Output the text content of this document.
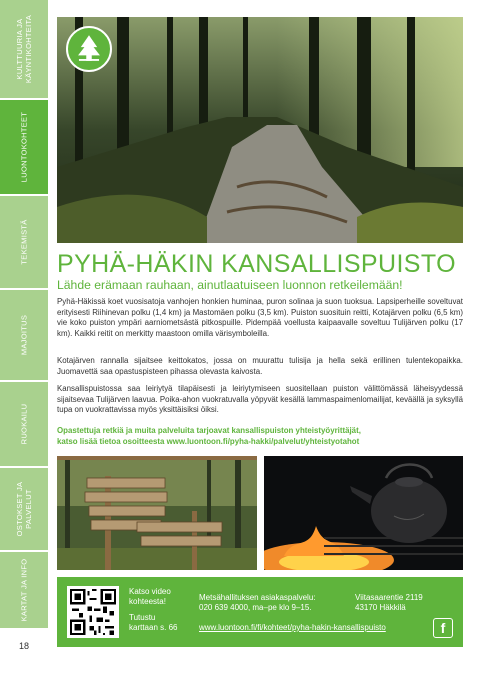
KULTTUURIA JA
KÄYNTIKOHTEITA
LUONTOKOHTEET
TEKEMISTÄ
MAJOITUS
RUOKAILU
OSTOKSET JA
PALVELUT
KARTAT JA INFO
18
PYHÄ-HÄKIN KANSALLISPUISTO
Lähde erämaan rauhaan, ainutlaatuiseen luonnon retkeilemään!
Pyhä-Häkissä koet vuosisatoja vanhojen honkien huminaa, puron solinaa ja suon tuoksua. Lapsiperheille soveltuvat erityisesti Riihinevan polku (1,4 km) ja Mastomäen polku (3,5 km). Puiston suosituin reitti, Kotajärven polku (6,5 km) vie koko puiston ympäri aarniometsästä pitkospuille. Pidempää voellusta kaipaavalle soveltuu Tulijärven polku (17 km). Kaikki reitit on merkitty maastoon omilla värisymboleilla.
Kotajärven rannalla sijaitsee keittokatos, jossa on muurattu tulisija ja hella sekä erillinen tulentekopaikka. Juomavettä saa opastuspisteen pihassa olevasta kaivosta.
Kansallispuistossa saa leiriytyä tilapäisesti ja leiriytymiseen suositellaan puiston välittömässä läheisyydessä sijaitsevaa Tulijärven laavua. Poika-ahon vuokratuvalla yöpyvät kesällä lammaspaimenlomailijat, keväällä ja syksyllä tupa on vuokrattavissa myös yksittäisiksi öiksi.
Opastettuja retkiä ja muita palveluita tarjoavat kansallispuiston yhteistyöyrittäjät,
katso lisää tietoa osoitteesta www.luontoon.fi/pyha-hakki/palvelut/yhteistyotahot
Katso video
kohteesta!
Tutustu
karttaan s. 66
Metsähallituksen asiakaspalvelu:
020 639 4000, ma–pe klo 9–15.
Viitasaarentie 2119
43170 Häkkilä
www.luontoon.fi/fi/kohteet/pyha-hakin-kansallispuisto	f
